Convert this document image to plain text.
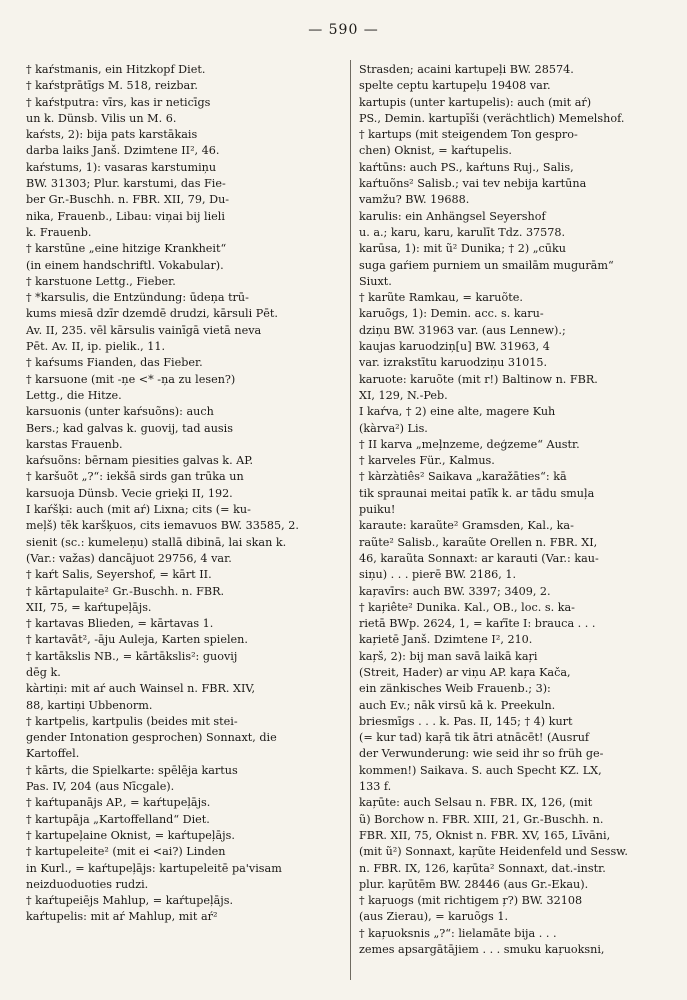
— 590 —

† kaŕstmanis, ein Hitzkopf Diet.

† kaŕstprātīgs M. 518, reizbar.

† kaŕstputra: vīrs, kas ir neticīgs
un k. Dünsb. Vilis un M. 6.

kaŕsts, 2): bija pats karstākais
darba laiks Janš. Dzimtene II², 46.

kaŕstums, 1): vasaras karstumiņu
BW. 31303; Plur. karstumi, das Fie-
ber Gr.-Buschh. n. FBR. XII, 79, Du-
nika, Frauenb., Libau: viņai bij lieli
k. Frauenb.

† karstūne „eine hitzige Krankheit“
(in einem handschriftl. Vokabular).

† karstuone Lettg., Fieber.

† *karsulis, die Entzündung: ūdeņa trū-
kums miesā dzīr dzemdē drudzi, kārsuli Pēt.
Av. II, 235. vēl kārsulis vainīgā vietā neva
Pēt. Av. II, ip. pielik., 11.

† kaŕsums Fianden, das Fieber.

† karsuone (mit -ņe <* -ņa zu lesen?)
Lettg., die Hitze.

karsuonis (unter kaŕsuõns): auch
Bers.; kad galvas k. guovij, tad ausis
karstas Frauenb.

kaŕsuõns: bērnam piesities galvas k. AP.

† karšuõt „?“: iekšā sirds gan trūka un
karsuoja Dünsb. Vecie grieķi II, 192.

I kaŕšķi: auch (mit aŕ) Lixna; cits (= ku-
meļš) tēk karšķuos, cits iemavuos BW. 33585, 2.
sienit (sc.: kumeleņu) stallā dibinā, lai skan k.
(Var.: važas) dancājuot 29756, 4 var.

† kaŕt Salis, Seyershof, = kārt II.

† kārtapulaite² Gr.-Buschh. n. FBR.
XII, 75, = kaŕtupeļājs.

† kartavas Blieden, = kārtavas 1.

† kartavāt², -āju Auleja, Karten spielen.

† kartākslis NB., = kārtākslis²: guovij
dēg k.

kàrtiņi: mit aŕ auch Wainsel n. FBR. XIV,
88, kartiņi Ubbenorm.

† kartpelis, kartpulis (beides mit stei-
gender Intonation gesprochen) Sonnaxt, die
Kartoffel.

† kārts, die Spielkarte: spēlēja kartus
Pas. IV, 204 (aus Nīcgale).

† kaŕtupanājs AP., = kaŕtupeļājs.

† kartupāja „Kartoffelland“ Diet.

† kartupeļaine Oknist, = kaŕtupeļājs.

† kartupeleite² (mit ei <ai?) Linden
in Kurl., = kaŕtupeļājs: kartupeleitē pa'visam
neizduoduoties rudzi.

† kaŕtupeiējs Mahlup, = kaŕtupeļājs.

kaŕtupelis: mit aŕ Mahlup, mit aŕ²

Strasden; acaini kartupeļi BW. 28574.
spelte ceptu kartupeļu 19408 var.

kartupis (unter kartupelis): auch (mit aŕ)
PS., Demin. kartupīši (verächtlich) Memelshof.

† kartups (mit steigendem Ton gespro-
chen) Oknist, = kaŕtupelis.

kaŕtūns: auch PS., kaŕtuns Ruj., Salis,
kaŕtuõns² Salisb.; vai tev nebija kartūna
vamžu? BW. 19688.

karulis: ein Anhängsel Seyershof
u. a.; karu, karu, karulīt Tdz. 37578.

karūsa, 1): mit ũ² Dunika; † 2) „cūku
suga gaŕiem purniem un smailām mugurām“
Siuxt.

† karũte Ramkau, = karuõte.

karuõgs, 1): Demin. acc. s. karu-
dziņu BW. 31963 var. (aus Lennew).;
kaujas karuodziņ[u] BW. 31963, 4
var. izrakstītu karuodziņu 31015.

karuote: karuõte (mit r!) Baltinow n. FBR.
XI, 129, N.-Peb.

I kaŕva, † 2) eine alte, magere Kuh
(kàrva²) Lis.

† II karva „meļnzeme, deģzeme“ Austr.

† karveles Für., Kalmus.

† kàrzàtiês² Saikava „karažāties“: kā
tik spraunai meitai patīk k. ar tādu smuļa
puiku!

karaute: karaũte² Gramsden, Kal., ka-
raũte² Salisb., karaũte Orellen n. FBR. XI,
46, karaũta Sonnaxt: ar karauti (Var.: kau-
siņu) . . . pierē BW. 2186, 1.

kaŗavīrs: auch BW. 3397; 3409, 2.

† kaŗiête² Dunika. Kal., OB., loc. s. ka-
rietā BWp. 2624, 1, = kaŕīte I: brauca . . .
kaŗietē Janš. Dzimtene I², 210.

kaŗš, 2): bij man savā laikā kaŗi
(Streit, Hader) ar viņu AP. kaŗa Kača,
ein zänkisches Weib Frauenb.; 3):
auch Ev.; nāk virsū kā k. Preekuln.
briesmīgs . . . k. Pas. II, 145; † 4) kurt
(= kur tad) kaŗā tik ātri atnācēt! (Ausruf
der Verwunderung: wie seid ihr so früh ge-
kommen!) Saikava. S. auch Specht KZ. LX,
133 f.

kaŗūte: auch Selsau n. FBR. IX, 126, (mit
ũ) Borchow n. FBR. XIII, 21, Gr.-Buschh. n.
FBR. XII, 75, Oknist n. FBR. XV, 165, Līvāni,
(mit ũ²) Sonnaxt, kaŗũte Heidenfeld und Sessw.
n. FBR. IX, 126, kaŗūta² Sonnaxt, dat.-instr.
plur. kaŗūtēm BW. 28446 (aus Gr.-Ekau).

† kaŗuogs (mit richtigem ŗ?) BW. 32108
(aus Zierau), = karuõgs 1.

† kaŗuoksnis „?“: lielamāte bija . . .
zemes apsargātājiem . . . smuku kaŗuoksni,
